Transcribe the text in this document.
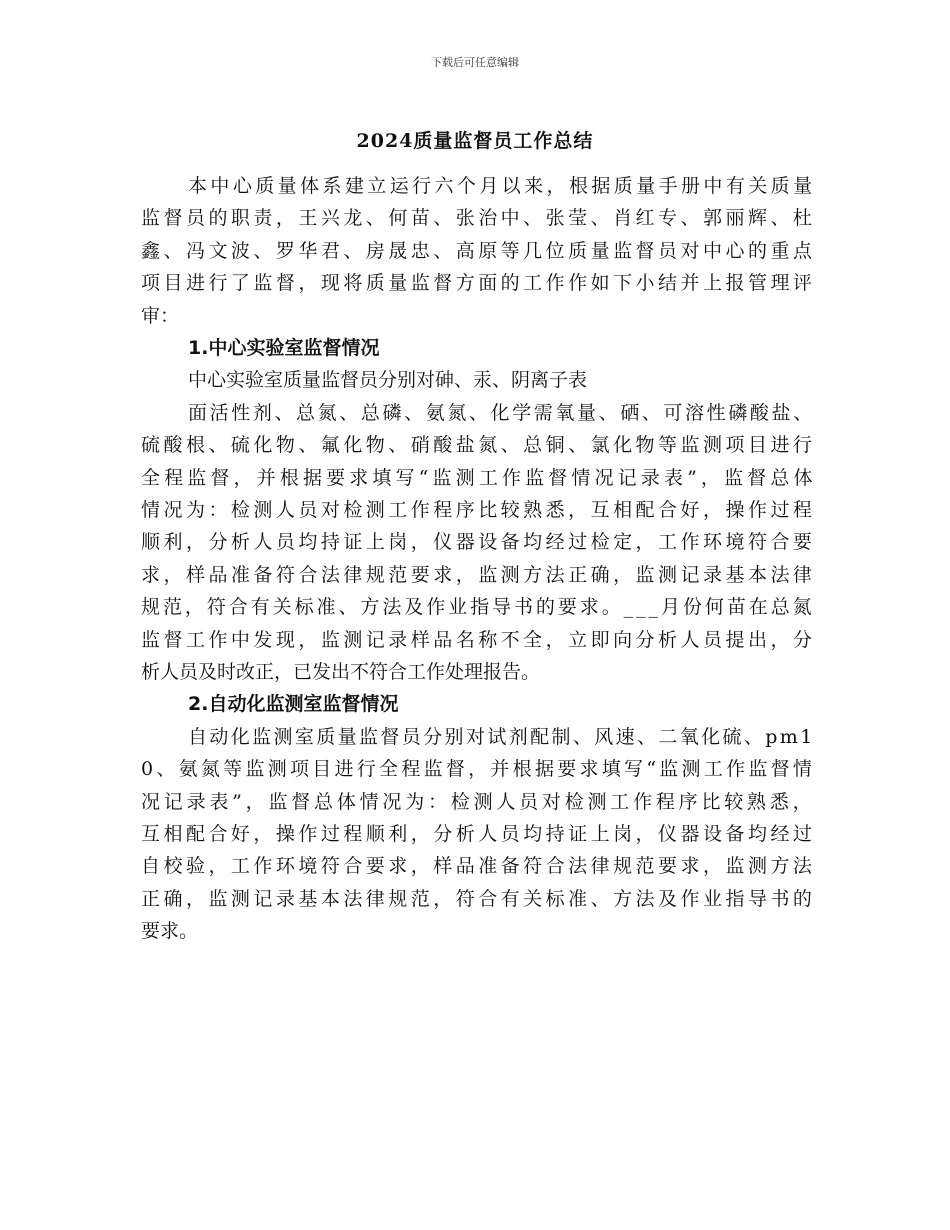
下载后可任意编辑
2024质量监督员工作总结
本中心质量体系建立运行六个月以来，根据质量手册中有关质量
监督员的职责，王兴龙、何苗、张治中、张莹、肖红专、郭丽辉、杜
鑫、冯文波、罗华君、房晟忠、高原等几位质量监督员对中心的重点
项目进行了监督，现将质量监督方面的工作作如下小结并上报管理评
审：
1.中心实验室监督情况
中心实验室质量监督员分别对砷、汞、阴离子表
面活性剂、总氮、总磷、氨氮、化学需氧量、硒、可溶性磷酸盐、
硫酸根、硫化物、氟化物、硝酸盐氮、总铜、氯化物等监测项目进行
全程监督，并根据要求填写“监测工作监督情况记录表”，监督总体
情况为：检测人员对检测工作程序比较熟悉，互相配合好，操作过程
顺利，分析人员均持证上岗，仪器设备均经过检定，工作环境符合要
求，样品准备符合法律规范要求，监测方法正确，监测记录基本法律
规范，符合有关标准、方法及作业指导书的要求。___月份何苗在总氮
监督工作中发现，监测记录样品名称不全，立即向分析人员提出，分
析人员及时改正，已发出不符合工作处理报告。
2.自动化监测室监督情况
自动化监测室质量监督员分别对试剂配制、风速、二氧化硫、pm1
0、氨氮等监测项目进行全程监督，并根据要求填写“监测工作监督情
况记录表”，监督总体情况为：检测人员对检测工作程序比较熟悉，
互相配合好，操作过程顺利，分析人员均持证上岗，仪器设备均经过
自校验，工作环境符合要求，样品准备符合法律规范要求，监测方法
正确，监测记录基本法律规范，符合有关标准、方法及作业指导书的
要求。
